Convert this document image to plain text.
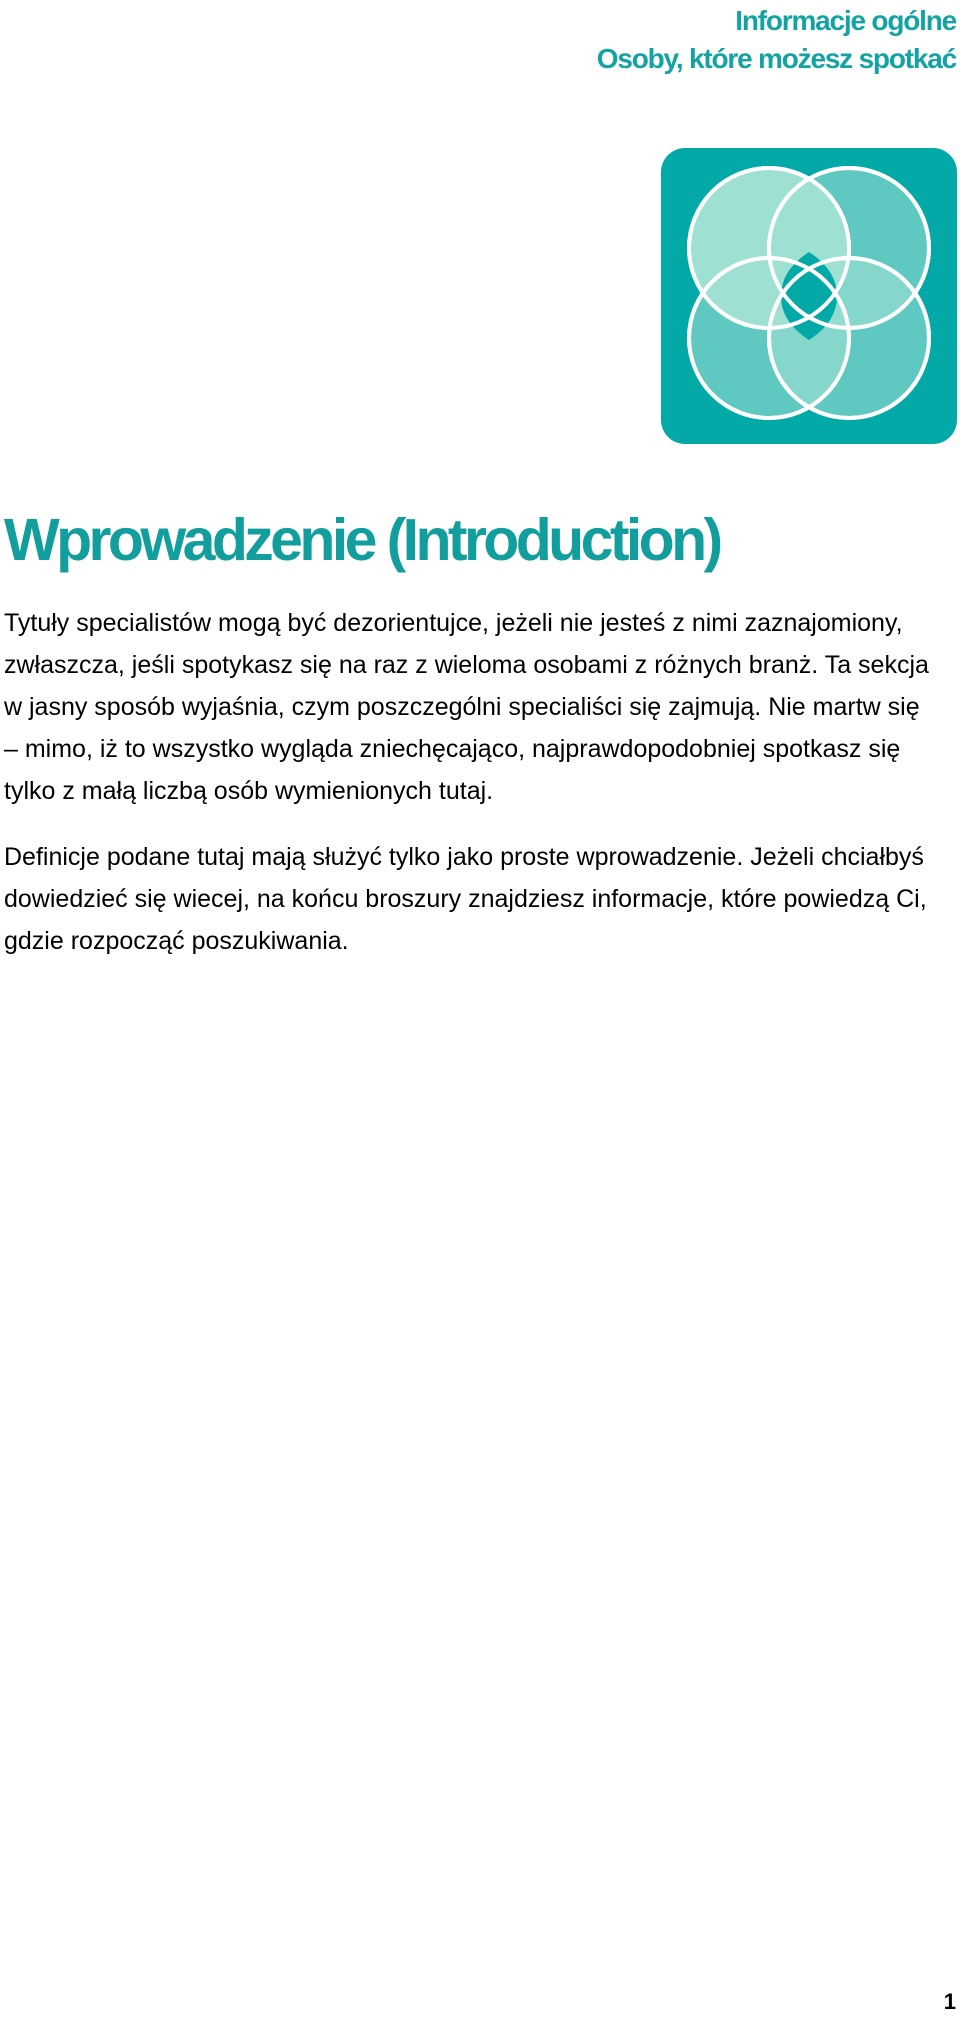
Informacje ogólne
Osoby, które możesz spotkać
Wprowadzenie (Introduction)

Tytuły specialistów mogą być dezorientujce, jeżeli nie jesteś z nimi zaznajomiony, zwłaszcza, jeśli spotykasz się na raz z wieloma osobami z różnych branż. Ta sekcja w jasny sposób wyjaśnia, czym poszczególni specialiści się zajmują. Nie martw się – mimo, iż to wszystko wygląda zniechęcająco, najprawdopodobniej spotkasz się tylko z małą liczbą osób wymienionych tutaj.

Definicje podane tutaj mają służyć tylko jako proste wprowadzenie. Jeżeli chciałbyś dowiedzieć się wiecej, na końcu broszury znajdziesz informacje, które powiedzą Ci, gdzie rozpocząć poszukiwania.

1
